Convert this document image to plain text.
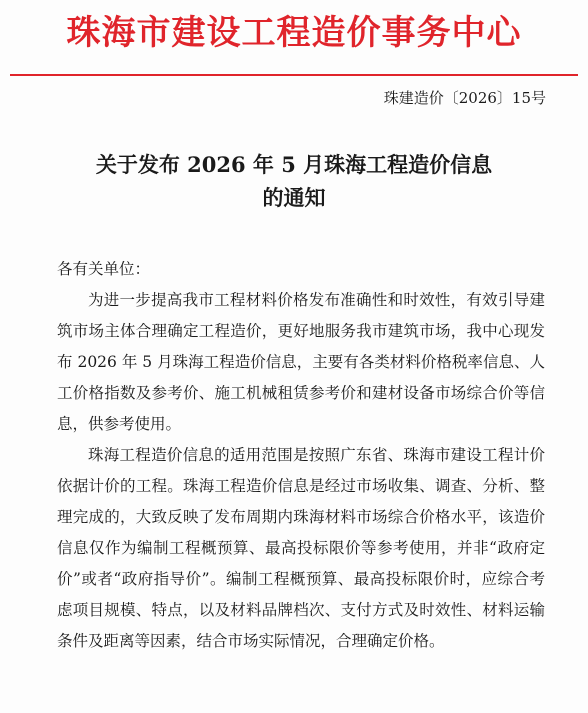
珠海市建设工程造价事务中心
珠建造价〔2026〕15号
关于发布 2026 年 5 月珠海工程造价信息
的通知

各有关单位：

为进一步提高我市工程材料价格发布准确性和时效性，有效引导建筑市场主体合理确定工程造价，更好地服务我市建筑市场，我中心现发布 2026 年 5 月珠海工程造价信息，主要有各类材料价格税率信息、人工价格指数及参考价、施工机械租赁参考价和建材设备市场综合价等信息，供参考使用。

珠海工程造价信息的适用范围是按照广东省、珠海市建设工程计价依据计价的工程。珠海工程造价信息是经过市场收集、调查、分析、整理完成的，大致反映了发布周期内珠海材料市场综合价格水平，该造价信息仅作为编制工程概预算、最高投标限价等参考使用，并非“政府定价”或者“政府指导价”。编制工程概预算、最高投标限价时，应综合考虑项目规模、特点，以及材料品牌档次、支付方式及时效性、材料运输条件及距离等因素，结合市场实际情况，合理确定价格。
